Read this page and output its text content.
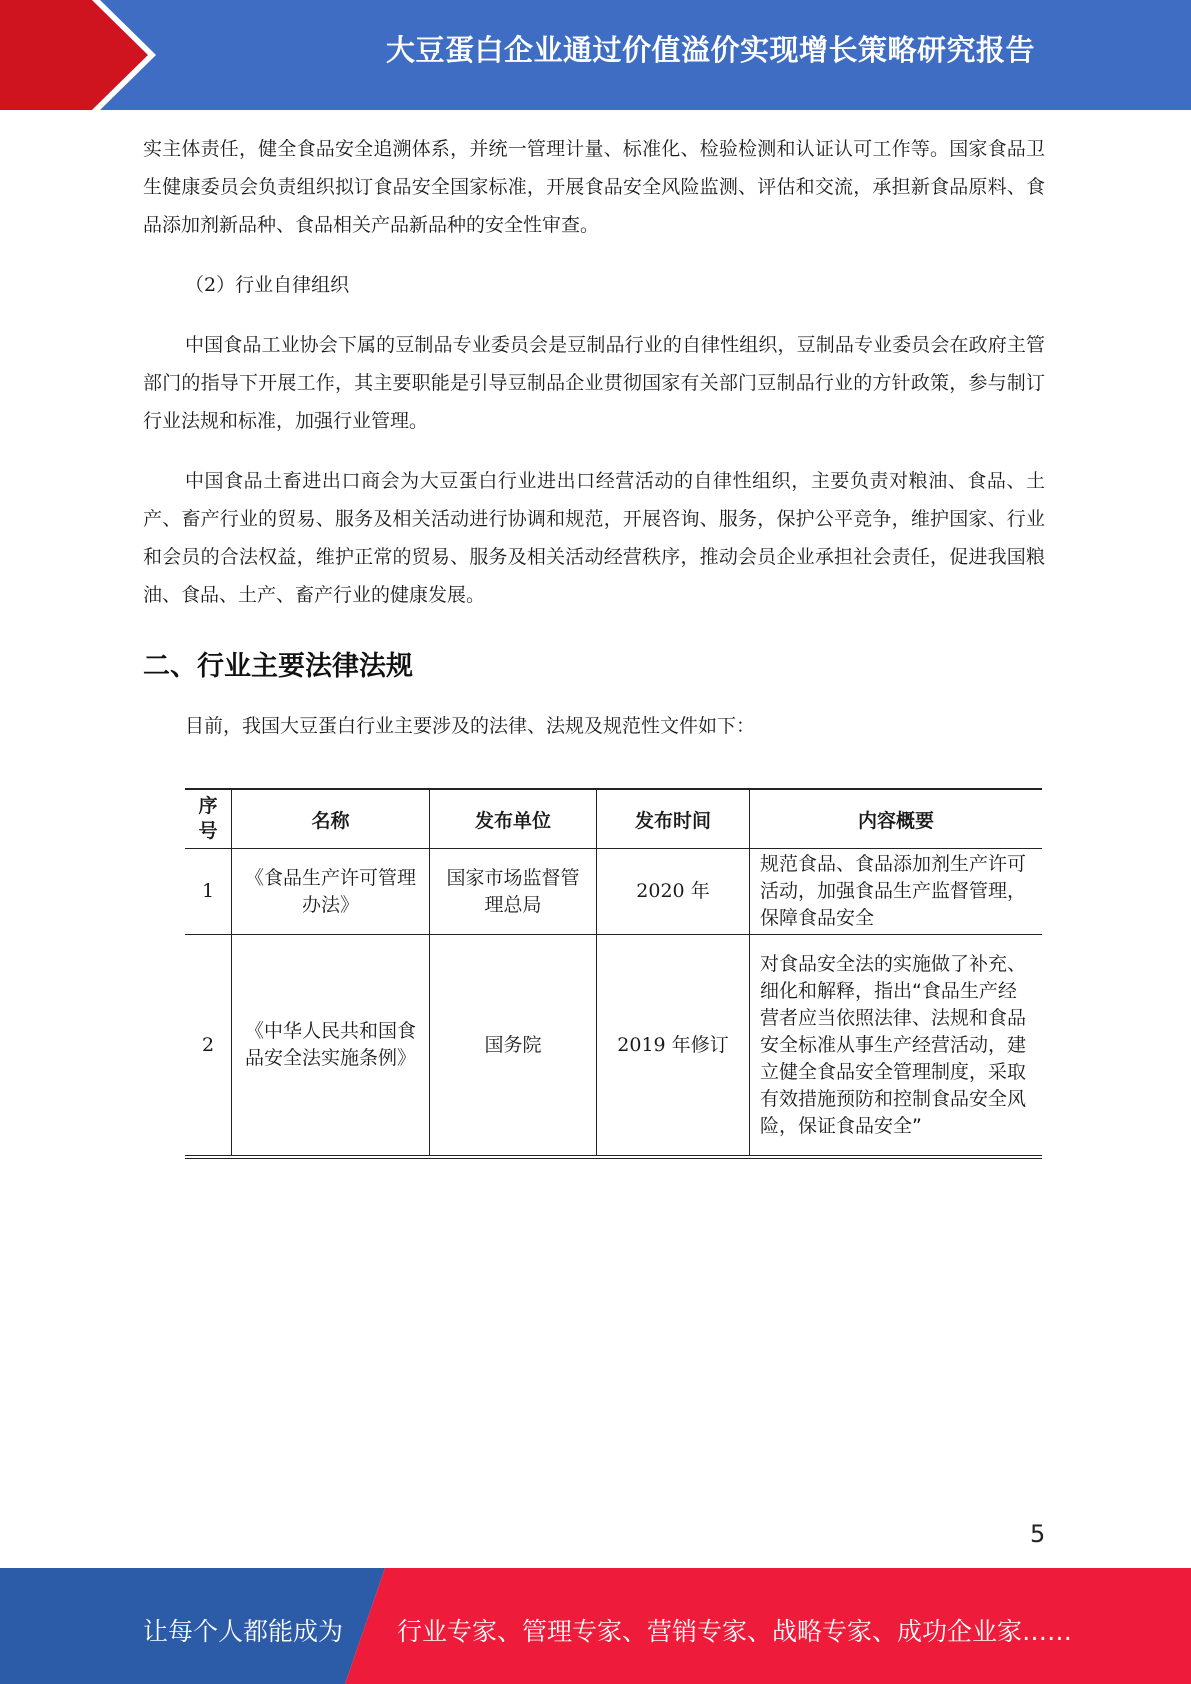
大豆蛋白企业通过价值溢价实现增长策略研究报告

实主体责任，健全食品安全追溯体系，并统一管理计量、标准化、检验检测和认证认可工作等。国家食品卫生健康委员会负责组织拟订食品安全国家标准，开展食品安全风险监测、评估和交流，承担新食品原料、食品添加剂新品种、食品相关产品新品种的安全性审查。

（2）行业自律组织

中国食品工业协会下属的豆制品专业委员会是豆制品行业的自律性组织，豆制品专业委员会在政府主管部门的指导下开展工作，其主要职能是引导豆制品企业贯彻国家有关部门豆制品行业的方针政策，参与制订行业法规和标准，加强行业管理。

中国食品土畜进出口商会为大豆蛋白行业进出口经营活动的自律性组织，主要负责对粮油、食品、土产、畜产行业的贸易、服务及相关活动进行协调和规范，开展咨询、服务，保护公平竞争，维护国家、行业和会员的合法权益，维护正常的贸易、服务及相关活动经营秩序，推动会员企业承担社会责任，促进我国粮油、食品、土产、畜产行业的健康发展。

二、行业主要法律法规

目前，我国大豆蛋白行业主要涉及的法律、法规及规范性文件如下：

序
号	名称	发布单位	发布时间	内容概要
1	《食品生产许可管理办法》	国家市场监督管理总局	2020 年	规范食品、食品添加剂生产许可活动，加强食品生产监督管理，保障食品安全
2	《中华人民共和国食品安全法实施条例》	国务院	2019 年修订	对食品安全法的实施做了补充、细化和解释，指出“食品生产经营者应当依照法律、法规和食品安全标准从事生产经营活动，建立健全食品安全管理制度，采取有效措施预防和控制食品安全风险，保证食品安全”
5
让每个人都能成为 行业专家、管理专家、营销专家、战略专家、成功企业家……
